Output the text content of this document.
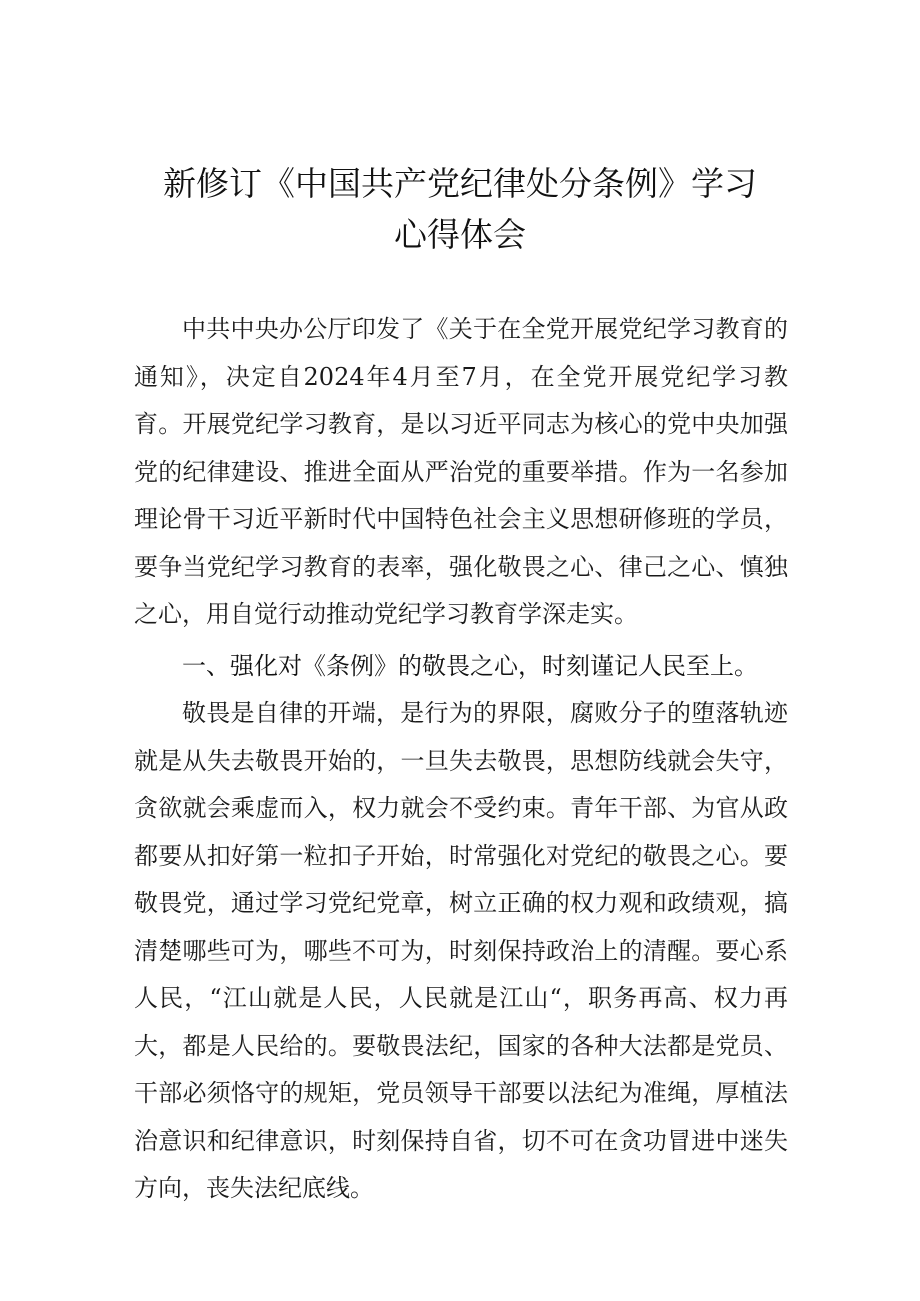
新修订《中国共产党纪律处分条例》学习
心得体会

中共中央办公厅印发了《关于在全党开展党纪学习教育的通知》，决定自2024年4月至7月，在全党开展党纪学习教育。开展党纪学习教育，是以习近平同志为核心的党中央加强党的纪律建设、推进全面从严治党的重要举措。作为一名参加理论骨干习近平新时代中国特色社会主义思想研修班的学员，要争当党纪学习教育的表率，强化敬畏之心、律己之心、慎独之心，用自觉行动推动党纪学习教育学深走实。

一、强化对《条例》的敬畏之心，时刻谨记人民至上。

敬畏是自律的开端，是行为的界限，腐败分子的堕落轨迹就是从失去敬畏开始的，一旦失去敬畏，思想防线就会失守，贪欲就会乘虚而入，权力就会不受约束。青年干部、为官从政都要从扣好第一粒扣子开始，时常强化对党纪的敬畏之心。要敬畏党，通过学习党纪党章，树立正确的权力观和政绩观，搞清楚哪些可为，哪些不可为，时刻保持政治上的清醒。要心系人民，“江山就是人民，人民就是江山“，职务再高、权力再大，都是人民给的。要敬畏法纪，国家的各种大法都是党员、干部必须恪守的规矩，党员领导干部要以法纪为准绳，厚植法治意识和纪律意识，时刻保持自省，切不可在贪功冒进中迷失方向，丧失法纪底线。
